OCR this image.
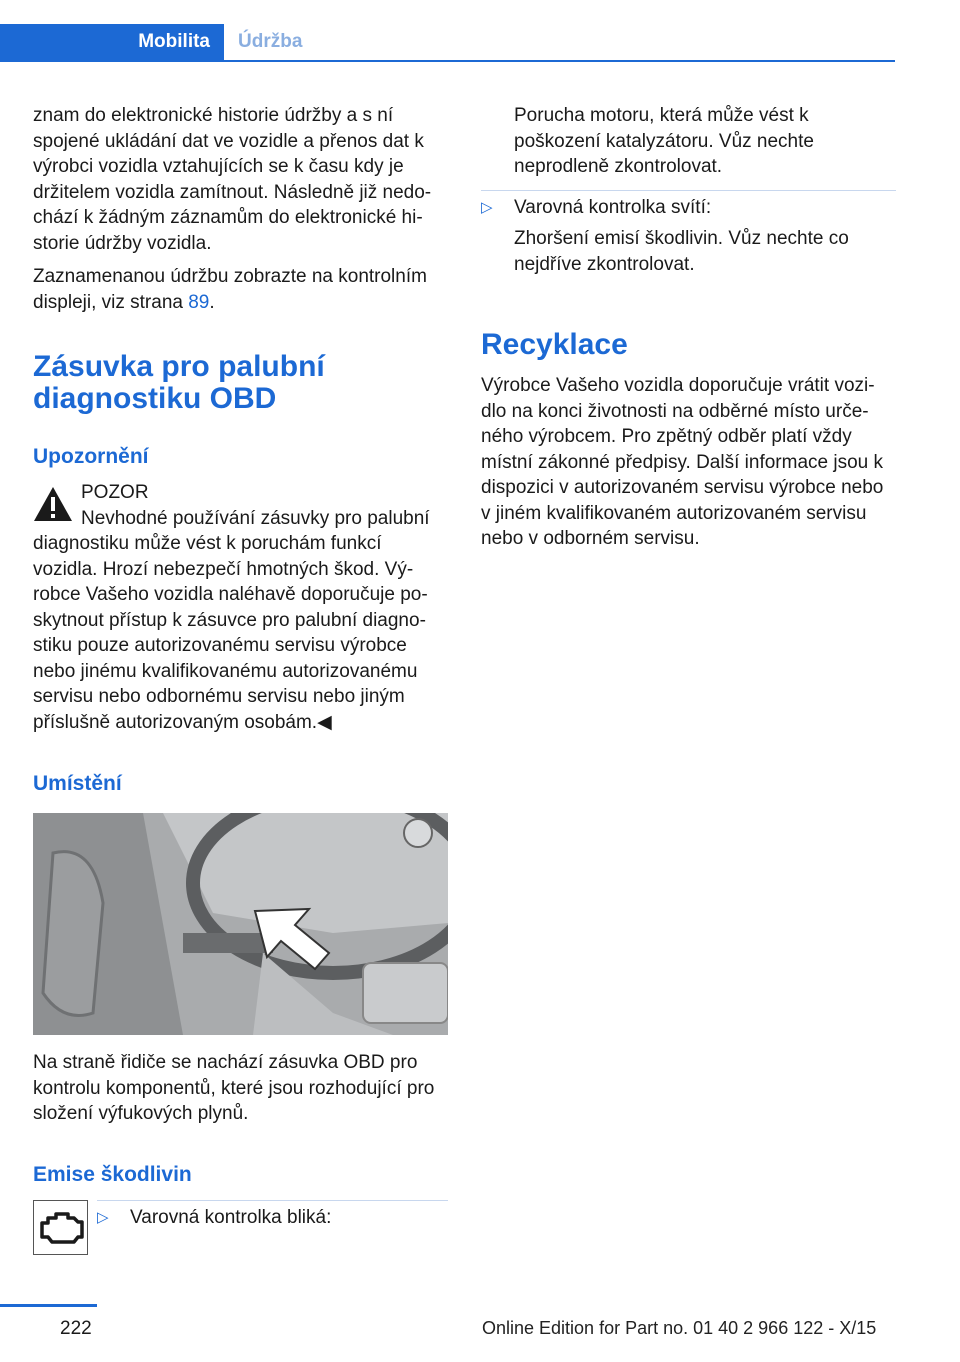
Mobilita	Údržba

znam do elektronické historie údržby a s ní spojené ukládání dat ve vozidle a přenos dat k výrobci vozidla vztahujících se k času kdy je držitelem vozidla zamítnout. Následně již nedo-chází k žádným záznamům do elektronické hi-storie údržby vozidla.

Zaznamenanou údržbu zobrazte na kontrolním displeji, viz strana 89.

Zásuvka pro palubní diagnostiku OBD
Upozornění
POZOR
Nevhodné používání zásuvky pro palubní diagnostiku může vést k poruchám funkcí vozidla. Hrozí nebezpečí hmotných škod. Vý-robce Vašeho vozidla naléhavě doporučuje po-skytnout přístup k zásuvce pro palubní diagno-stiku pouze autorizovanému servisu výrobce nebo jinému kvalifikovanému autorizovanému servisu nebo odbornému servisu nebo jiným příslušně autorizovaným osobám.◀
Umístění

Na straně řidiče se nachází zásuvka OBD pro kontrolu komponentů, které jsou rozhodující pro složení výfukových plynů.

Emise škodlivin
▷ Varovná kontrolka bliká:
Porucha motoru, která může vést k poškození katalyzátoru. Vůz nechte neprodleně zkontrolovat.
▷ Varovná kontrolka svítí:
Zhoršení emisí škodlivin. Vůz nechte co nejdříve zkontrolovat.
Recyklace

Výrobce Vašeho vozidla doporučuje vrátit vozi-dlo na konci životnosti na odběrné místo urče-ného výrobcem. Pro zpětný odběr platí vždy místní zákonné předpisy. Další informace jsou k dispozici v autorizovaném servisu výrobce nebo v jiném kvalifikovaném autorizovaném servisu nebo v odborném servisu.

222	Online Edition for Part no. 01 40 2 966 122 - X/15
